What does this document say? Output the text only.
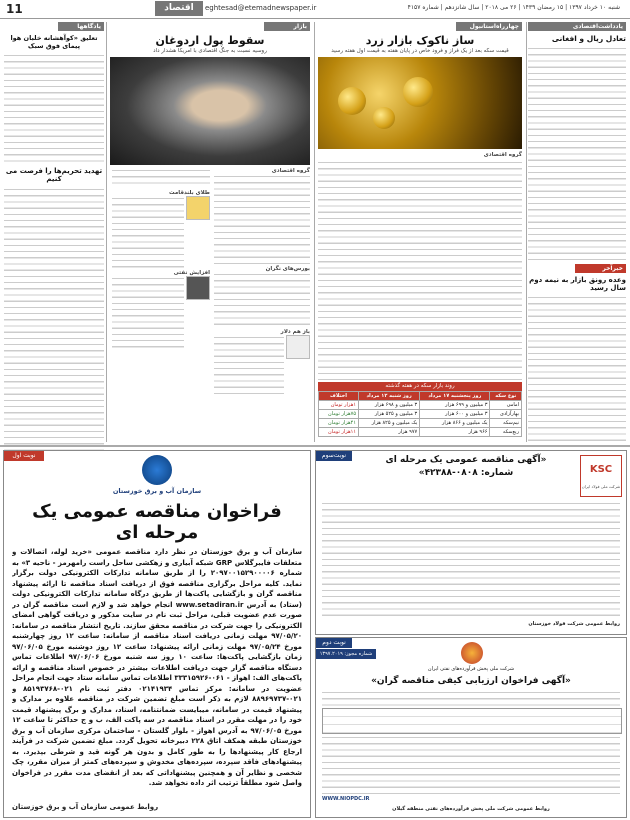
11	اقتصاد	eghtesad@etemadnewspaper.ir	شنبه ۱۰ خرداد ۱۳۹۷ | ۱۵ رمضان ۱۴۳۹ | ۲۶ می ۲۰۱۸ | سال شانزدهم | شماره ۴۱۵۷
یادداشت‌اقتصادی
تعادل ریال و افغانی
خبرآخر
وعده رونق بازار به نیمه دوم سال رسید
چهارراه‌استانبول
ساز ناکوک بازار زرد
قیمت سکه بعد از یک فراز و فرود خاص در پایان هفته به قیمت اول هفته رسید
گروه اقتصادی
روند بازار سکه در هفته گذشته
نوع سکه	روز پنجشنبه ۱۷ مرداد	روز شنبه ۱۲ مرداد	اختلاف
امامی	۳ میلیون و ۶۹۹ هزار	۳ میلیون و ۶۹۸ هزار	۱هزار تومان
بهارآزادی	۳ میلیون و ۶۰۰ هزار	۳ میلیون و ۵۲۵ هزار	۷۵هزار تومان
نیم‌سکه	یک میلیون و ۸۶۶ هزار	یک میلیون و ۸۲۵ هزار	۴۱هزار تومان
ربع‌سکه	۹۶۶ هزار	۹۷۷ هزار	۱۱هزار تومان
بازار
سقوط پول اردوغان
روسیه نسبت به جنگ اقتصادی با امریکا هشدار داد
گروه اقتصادی
بورس‌های نگران
باز هم دلار
طلای بلندقامت
افزایش نفتی
یادگاهها
تعلیق «کوآهشانه خلبان هوا پیمای فوق سبک
تهدید تحریم‌ها را فرصت می کنیم
نوبت اول
سازمان آب و برق خوزستان
فراخوان مناقصه عمومی یک مرحله ای
سازمان آب و برق خوزستان در نظر دارد مناقصه عمومی «خرید لوله، اتصالات و متعلقات فایبرگلاس GRP شبکه آبیاری و زهکشی ساحل راست رامهرمز - ناحیه ۳» به شماره ۲۰۹۷۰۰۱۵۲۹۰۰۰۰۶ را از طریق سامانه تدارکات الکترونیکی دولت برگزار نماید. کلیه مراحل برگزاری مناقصه فوق از دریافت اسناد مناقصه تا ارائه پیشنهاد مناقصه گران و بازگشایی پاکت‌ها از طریق درگاه سامانه تدارکات الکترونیکی دولت (ستاد) به آدرس www.setadiran.ir انجام خواهد شد و لازم است مناقصه گران در صورت عدم عضویت قبلی، مراحل ثبت نام در سایت مذکور و دریافت گواهی امضای الکترونیکی را جهت شرکت در مناقصه محقق سازند. تاریخ انتشار مناقصه در سامانه: ۹۷/۰۵/۲۰ مهلت زمانی دریافت اسناد مناقصه از سامانه: ساعت ۱۲ روز چهارشنبه مورخ ۹۷/۰۵/۲۴ مهلت زمانی ارائه پیشنهاد: ساعت ۱۲ روز دوشنبه مورخ ۹۷/۰۶/۰۵ زمان بازگشایی پاکت‌ها: ساعت ۱۰ روز سه شنبه مورخ ۹۷/۰۶/۰۶ اطلاعات تماس دستگاه مناقصه گزار جهت دریافت اطلاعات بیشتر در خصوص اسناد مناقصه و ارائه پاکت‌های الف: اهواز - ۰۶۱-۳۳۳۱۵۹۲۶ اطلاعات تماس سامانه ستاد جهت انجام مراحل عضویت در سامانه: مرکز تماس ۰۲۱۴۱۹۳۴ دفتر ثبت نام ۰۲۱-۸۵۱۹۳۷۶۸ و ۰۲۱-۸۸۹۶۹۷۳۷ لازم به ذکر است مبلغ تضمین شرکت در مناقصه علاوه بر مدارک و پیشنهاد قیمت در سامانه، میبایست ضمانتنامه، اسناد، مدارک و برگ پیشنهاد قیمت خود را در مهلت مقرر در اسناد مناقصه در سه پاکت الف، ب و ج حداکثر تا ساعت ۱۲ مورخ ۹۷/۰۶/۰۵ به آدرس اهواز - بلوار گلستان - ساختمان مرکزی سازمان آب و برق خوزستان طبقه همکف اتاق ۲۲۸ دبیرخانه تحویل گردد. مبلغ تضمین شرکت در فرآیند ارجاع کار پیشنهادها را به طور کامل و بدون هر گونه قید و شرطی بپذیرد. به پیشنهادهای فاقد سپرده، سپرده‌های مخدوش و سپرده‌های کمتر از میزان مقرر، چک شخصی و نظایر آن و همچنین پیشنهاداتی که بعد از انقضای مدت مقرر در فراخوان واصل شود مطلقاً ترتیب اثر داده نخواهد شد.
روابط عمومی سازمان آب و برق خوزستان
نوبت‌سوم	«آگهی مناقصه عمومی یک مرحله ای
شماره: ۰۸۰۸-۴۲۳۸۸»	KSC
شرکت ملی فولاد ایران
روابط عمومی شرکت فولاد خوزستان
نوبت دوم
شماره مجوز: ۱۳۹۷.۲۰۱۹
شرکت ملی پخش فرآورده‌های نفتی ایران
«آگهی فراخوان ارزیابی کیفی مناقصه گران»
WWW.NIOPDC.IR
روابط عمومی شرکت ملی پخش فرآورده‌های نفتی منطقه گیلان
